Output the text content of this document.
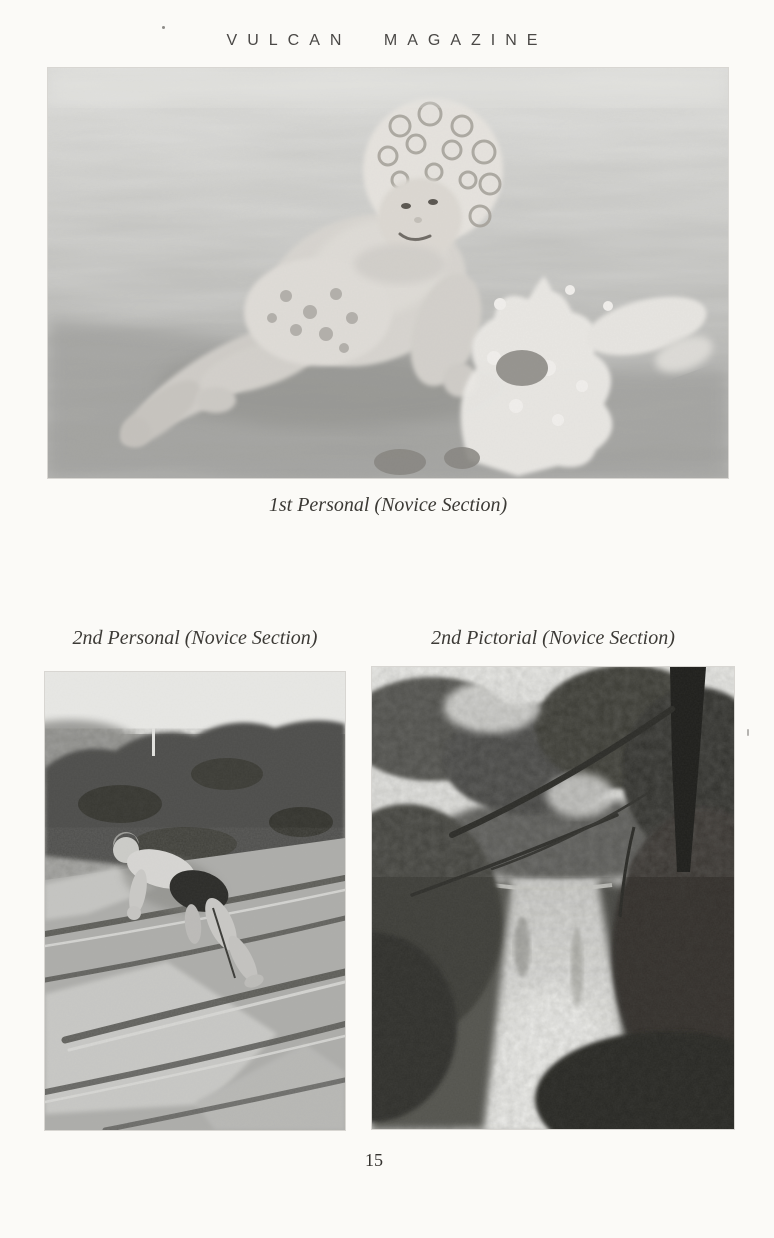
VULCAN MAGAZINE
1st Personal (Novice Section)
2nd Personal (Novice Section)	2nd Pictorial (Novice Section)
15
